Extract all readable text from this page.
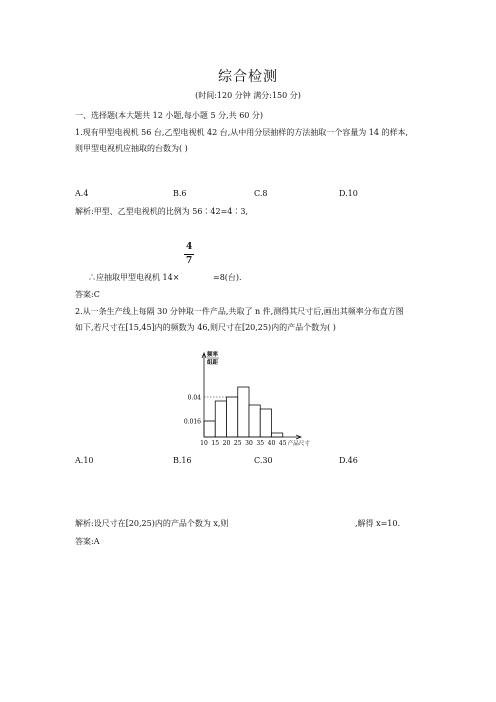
综合检测
(时间:120 分钟 满分:150 分)
一、选择题(本大题共 12 小题,每小题 5 分,共 60 分)
1.现有甲型电视机 56 台,乙型电视机 42 台,从中用分层抽样的方法抽取一个容量为 14 的样本,
则甲型电视机应抽取的台数为( )
A.4	B.6	C.8	D.10
解析:甲型、乙型电视机的比例为 56∶42=4∶3,
4
7
∴应抽取甲型电视机 14×	=8(台).
答案:C
2.从一条生产线上每隔 30 分钟取一件产品,共取了 n 件,测得其尺寸后,画出其频率分布直方图
如下,若尺寸在[15,45]内的频数为 46,则尺寸在[20,25)内的产品个数为( )
0.04
0.016
频率
组距
10 15 20 25 30 35 40 45 产品尺寸
A.10	B.16	C.30	D.46
解析:设尺寸在[20,25)内的产品个数为 x,则	,解得 x=10.
答案:A
